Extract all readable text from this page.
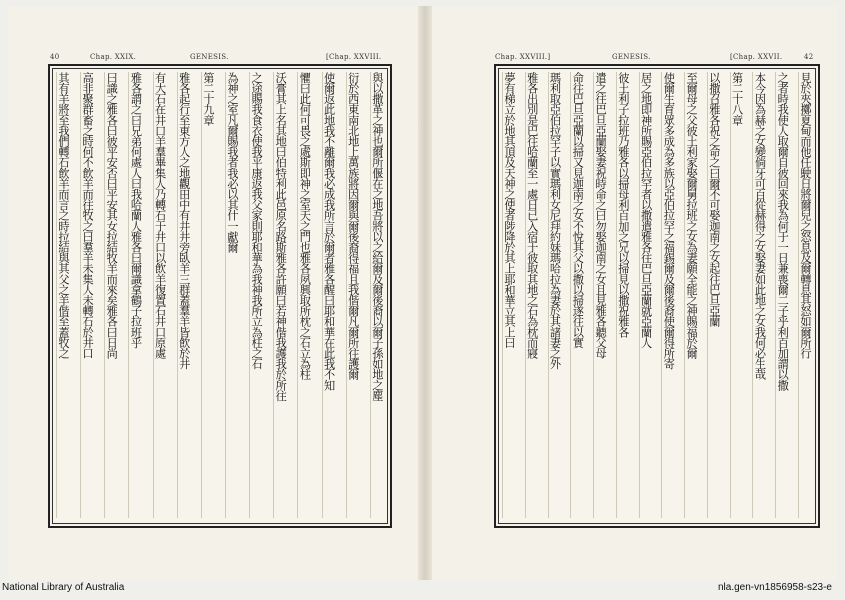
40	Chap. XXIX.	GENESIS.	[Chap. XXVIII.
與以撒革之神也爾所偃在之地吾將以之給爾及爾後裔以爾子孫如地之塵
衍於西東南北地上萬族將因爾與爾後裔得福且我偕爾凡爾所往護爾
使爾返此地我不離爾我必成我所言於爾者雅各醒曰耶和華在此我不知
懼曰此何可畏之處斯即神之室天之門也雅各夙興取所枕之石立為柱
沃膏其上名其地曰伯特利此邑原名路斯雅各許願曰若神偕我護我於所往
之途賜我食衣使我平康返我父家則耶和華為我神我所立為柱之石
為神之室凡爾賜我者我必以其什一獻爾
第二十九章
雅各起行至東方人之地觀田中有井井旁臥羊三群蓋羣羊皆飲於井
有大石在井口羊羣畢集人乃轉石于井口以飲羊復置石井口原處
雅各謂之曰兄弟何處人曰我哈蘭人雅各曰爾識拿鶴子拉班乎
曰識之雅各曰彼平安否曰平安其女拉結牧羊而來矣雅各曰日尚
高非聚群畜之時何不飲羊而往牧之曰羣羊未集人未轉石於井口
其有羊將至我們轉石飲羊而言之時拉結與其父之羊偕至蓋牧之
Chap. XXVIII.]	GENESIS.	[Chap. XXVII.	42
見於夾擲夏甸而他任駛日將爾兒之怒息及爾轉息其怒如爾所行
之者時我使人取爾自彼回來我為何于一日兼喪爾二子乎利百加謂以撒
本今因為赫之女變倘牙可百從赫得之女娶妻如此地之女我何必生哉
第二十八章
以撒召雅各祝之命之曰爾不可娶迦南之女起往巴旦亞蘭
至爾母之父彼土利家娶爾舅拉班之女為妻願全能之神賜福於爾
使爾生育眾多成為多族以亞伯拉罕之福錫爾及爾後裔使爾得所寄
居之地即神所賜亞伯拉罕者以撒遣雅各往巴旦亞蘭就亞蘭人
彼土利子拉班乃雅各以掃母利百加之兄以掃見以撒祝雅各
遣之往巴旦亞蘭娶妻祝時命之曰勿娶迦南之女且見雅各聽父母
命往巴旦亞蘭以掃又見迦南之女不悅其父以撒以掃遂往以實
瑪利取亞伯拉罕子以實瑪利女尼拜約妹瑪哈拉為妻於其諸妻之外
雅各出別是巴往哈蘭至一處日已入宿于彼取其地之石為枕而寢
夢有梯立於地其頂及天神之使者陟降於其上耶和華立其上曰
National Library of Australia	nla.gen-vn1856958-s23-e
